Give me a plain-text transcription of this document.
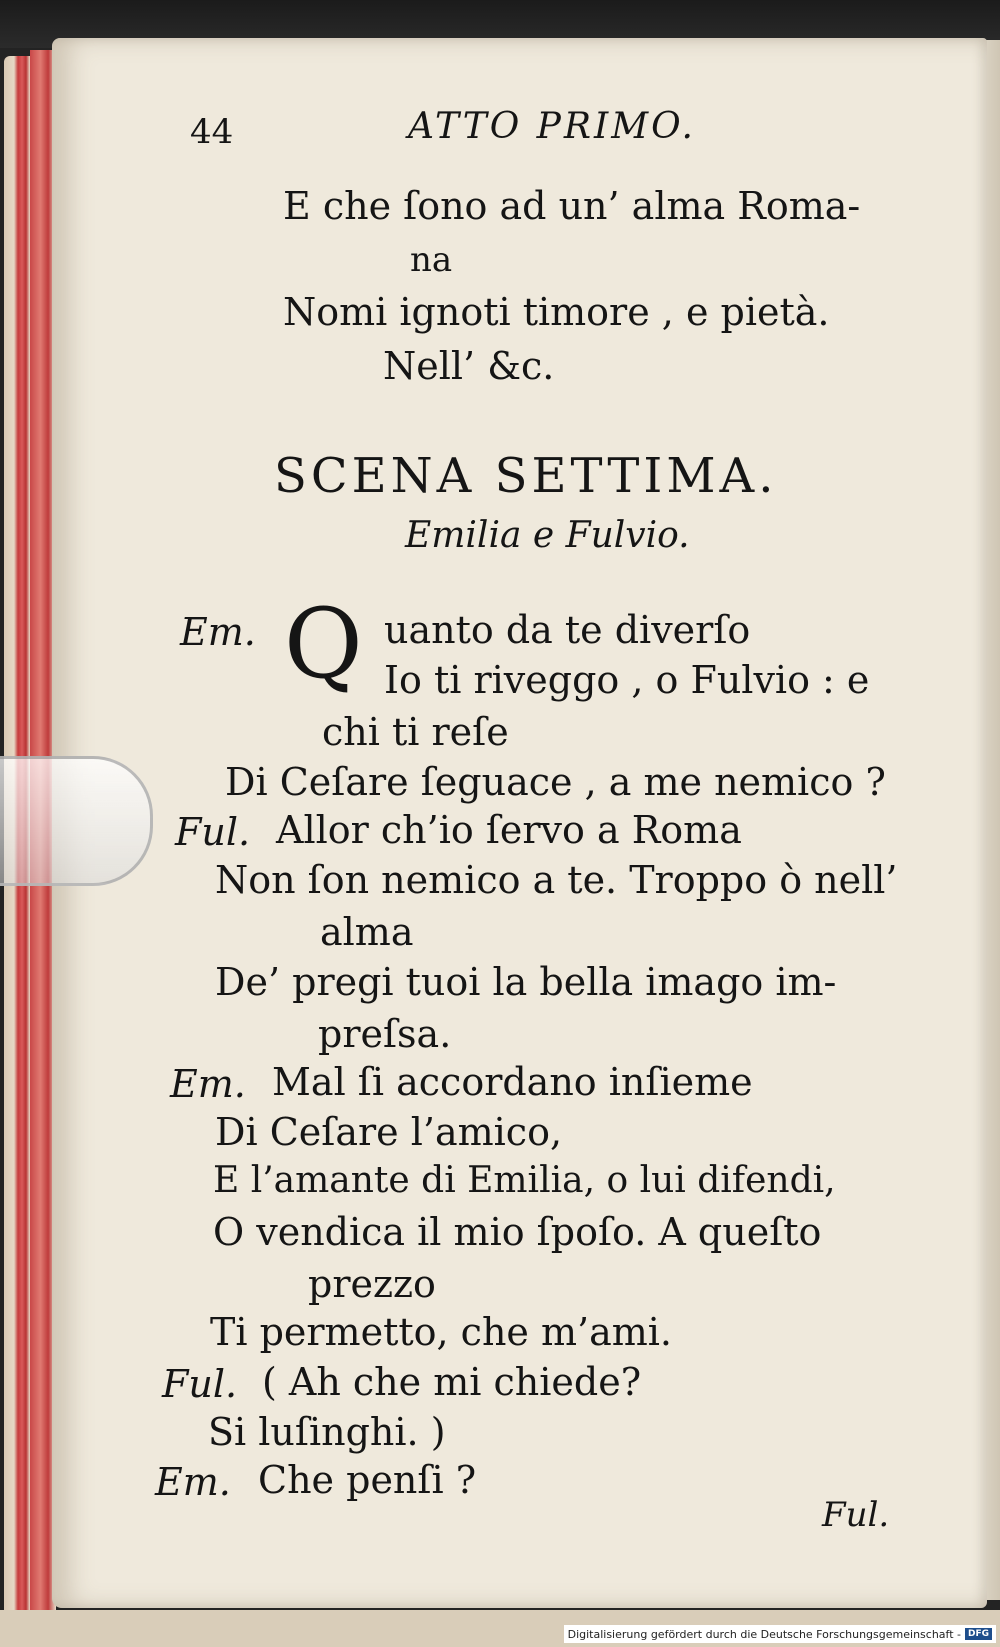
44	ATTO PRIMO.
E che ſono ad un’ alma Roma-
na
Nomi ignoti timore , e pietà.
Nell’ &c.
SCENA SETTIMA.
Emilia e Fulvio.
Em. Q uanto da te diverſo
Io ti riveggo , o Fulvio : e
chi ti reſe
Di Ceſare ſeguace , a me nemico ?
Ful. Allor ch’io ſervo a Roma
Non ſon nemico a te. Troppo ò nell’
alma
De’ pregi tuoi la bella imago im-
preſsa.
Em. Mal ſi accordano inſieme
Di Ceſare l’amico,
E l’amante di Emilia, o lui difendi,
O vendica il mio ſpoſo. A queſto
prezzo
Ti permetto, che m’ami.
Ful. ( Ah che mi chiede?
Si luſinghi. )
Em. Che penſi ?
Ful.
Digitalisierung gefördert durch die Deutsche Forschungsgemeinschaft - DFG
